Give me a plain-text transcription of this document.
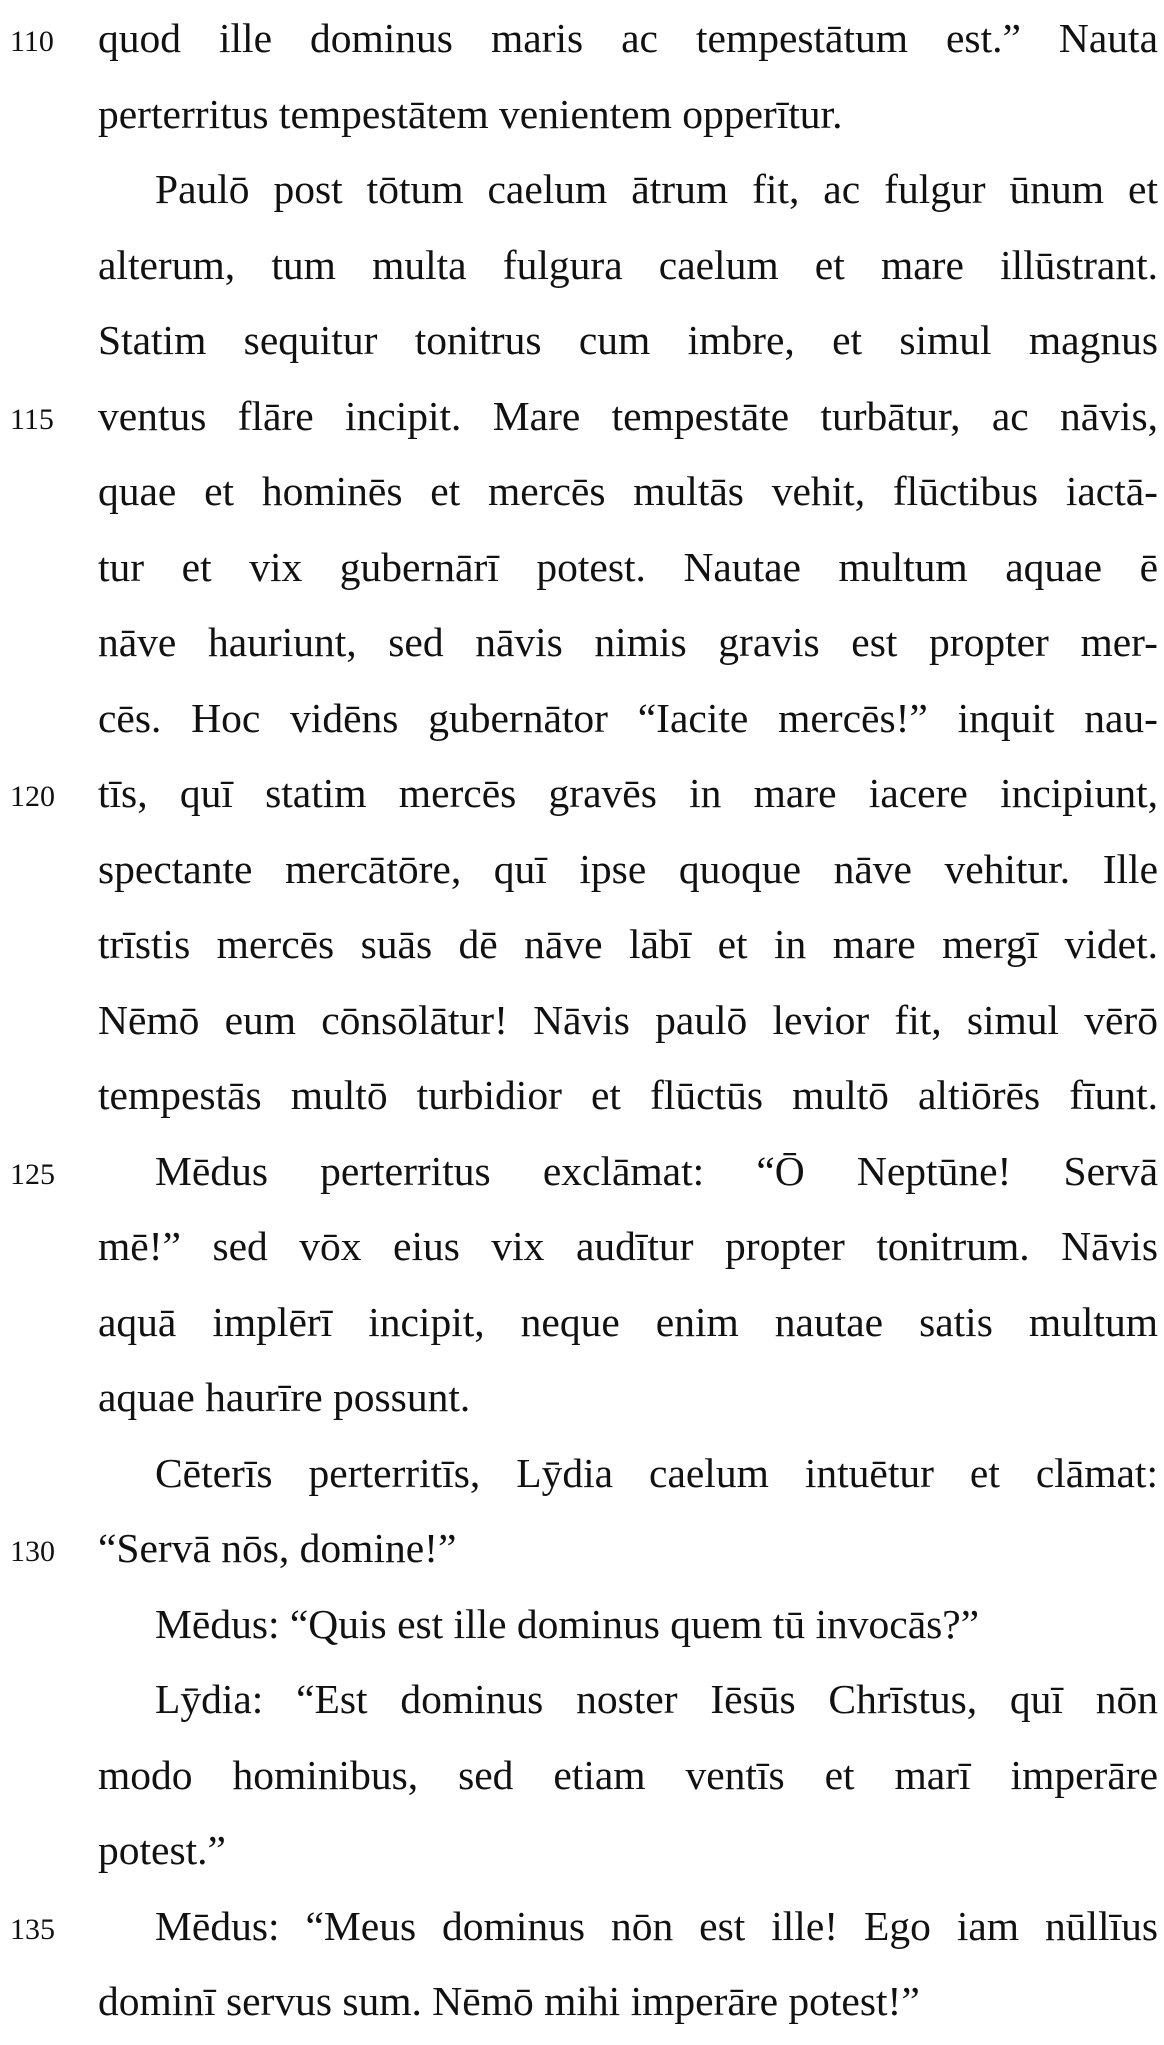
110 quod ille dominus maris ac tempestātum est.” Nauta
perterritus tempestātem venientem opperītur.
Paulō post tōtum caelum ātrum fit, ac fulgur ūnum et
alterum, tum multa fulgura caelum et mare illūstrant.
Statim sequitur tonitrus cum imbre, et simul magnus
115 ventus flāre incipit. Mare tempestāte turbātur, ac nāvis,
quae et hominēs et mercēs multās vehit, flūctibus iactā-
tur et vix gubernārī potest. Nautae multum aquae ē
nāve hauriunt, sed nāvis nimis gravis est propter mer-
cēs. Hoc vidēns gubernātor “Iacite mercēs!” inquit nau-
120 tīs, quī statim mercēs gravēs in mare iacere incipiunt,
spectante mercātōre, quī ipse quoque nāve vehitur. Ille
trīstis mercēs suās dē nāve lābī et in mare mergī videt.
Nēmō eum cōnsōlātur! Nāvis paulō levior fit, simul vērō
tempestās multō turbidior et flūctūs multō altiōrēs fīunt.
125 Mēdus perterritus exclāmat: “Ō Neptūne! Servā
mē!” sed vōx eius vix audītur propter tonitrum. Nāvis
aquā implērī incipit, neque enim nautae satis multum
aquae haurīre possunt.
Cēterīs perterritīs, Lȳdia caelum intuētur et clāmat:
130 “Servā nōs, domine!”
Mēdus: “Quis est ille dominus quem tū invocās?”
Lȳdia: “Est dominus noster Iēsūs Chrīstus, quī nōn
modo hominibus, sed etiam ventīs et marī imperāre
potest.”
135 Mēdus: “Meus dominus nōn est ille! Ego iam nūllīus
dominī servus sum. Nēmō mihi imperāre potest!”
